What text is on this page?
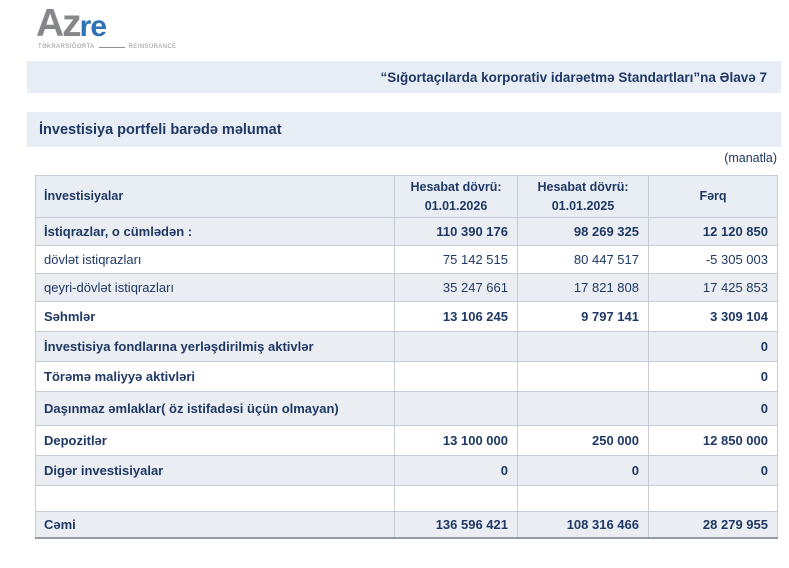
Azre
TƏKRARSIĞORTA	REINSURANCE
“Sığortaçılarda korporativ idarəetmə Standartları”na Əlavə 7
İnvestisiya portfeli barədə məlumat
(manatla)
İnvestisiyalar	Hesabat dövrü: 01.01.2026	Hesabat dövrü: 01.01.2025	Fərq
İstiqrazlar, o cümlədən :	110 390 176	98 269 325	12 120 850
dövlət istiqrazları	75 142 515	80 447 517	-5 305 003
qeyri-dövlət istiqrazları	35 247 661	17 821 808	17 425 853
Səhmlər	13 106 245	9 797 141	3 309 104
İnvestisiya fondlarına yerləşdirilmiş aktivlər			0
Törəmə maliyyə aktivləri			0
Daşınmaz əmlaklar( öz istifadəsi üçün olmayan)			0
Depozitlər	13 100 000	250 000	12 850 000
Digər investisiyalar	0	0	0

Cəmi	136 596 421	108 316 466	28 279 955
